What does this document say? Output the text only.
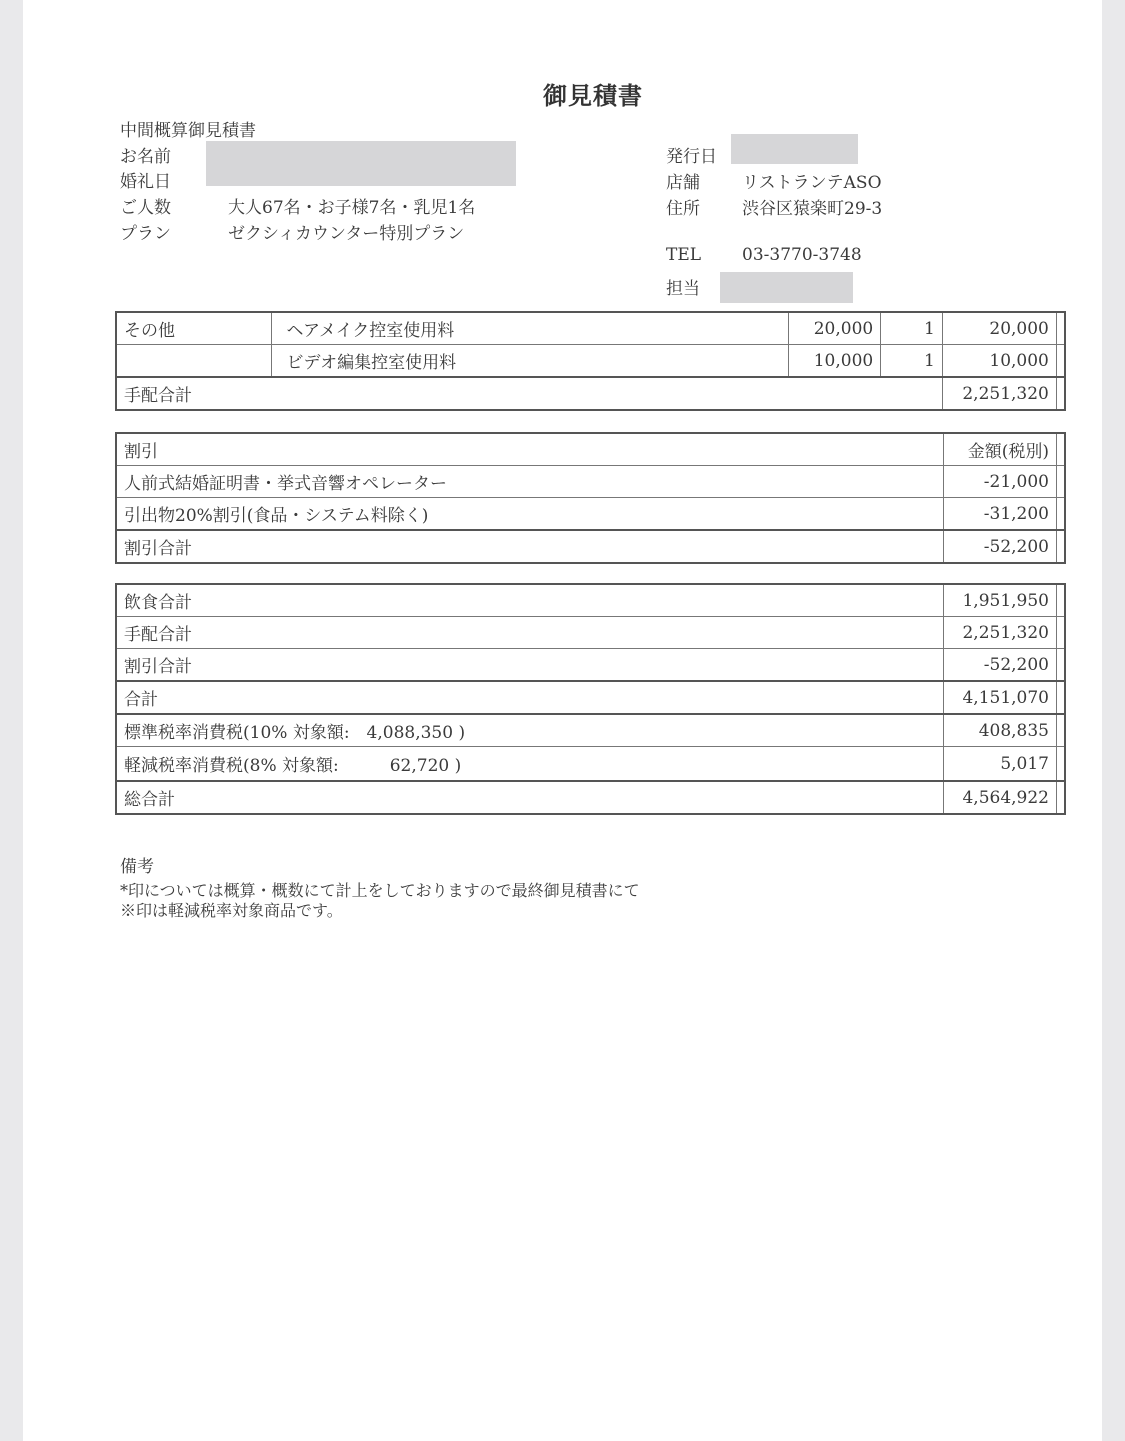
御見積書
中間概算御見積書
お名前
婚礼日
ご人数	大人67名・お子様7名・乳児1名
プラン	ゼクシィカウンター特別プラン
発行日
店舗 リストランテASO
住所 渋谷区猿楽町29-3
TEL 03-3770-3748
担当
その他	ヘアメイク控室使用料	20,000	1	20,000	
	ビデオ編集控室使用料	10,000	1	10,000	
手配合計				2,251,320	
割引	金額(税別)	
人前式結婚証明書・挙式音響オペレーター	-21,000	
引出物20%割引(食品・システム料除く)	-31,200	
割引合計	-52,200	
飲食合計	1,951,950	
手配合計	2,251,320	
割引合計	-52,200	
合計	4,151,070	
標準税率消費税(10% 対象額:　4,088,350 )	408,835	
軽減税率消費税(8% 対象額:　　　62,720 )	5,017	
総合計	4,564,922	
備考
*印については概算・概数にて計上をしておりますので最終御見積書にて
※印は軽減税率対象商品です。
